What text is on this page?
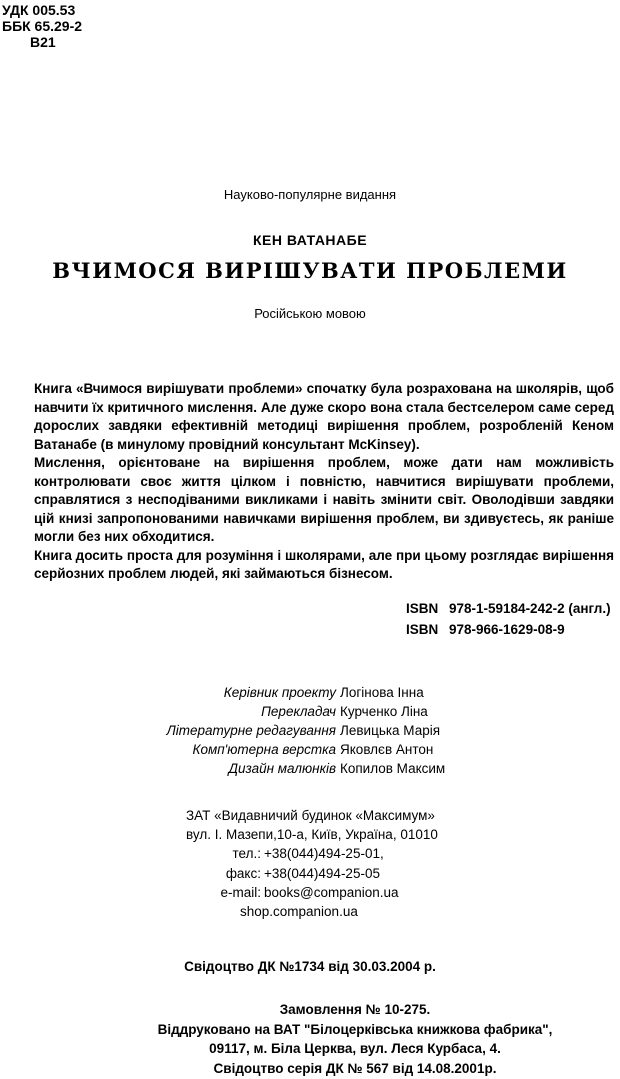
УДК 005.53
ББК 65.29-2
В21
Науково-популярне видання
КЕН ВАТАНАБЕ
ВЧИМОСЯ ВИРІШУВАТИ ПРОБЛЕМИ
Російською мовою

Книга «Вчимося вирішувати проблеми» спочатку була розрахована на школярів, щоб навчити їх критичного мислення. Але дуже скоро вона стала бестселером саме серед дорослих завдяки ефективній методиці вирішення проблем, розробленій Кеном Ватанабе (в минулому провідний консультант McKinsey).

Мислення, орієнтоване на вирішення проблем, може дати нам можливість контролювати своє життя цілком і повністю, навчитися вирішувати проблеми, справлятися з несподіваними викликами і навіть змінити світ. Оволодівши завдяки цій книзі запропонованими навичками вирішення проблем, ви здивуєтесь, як раніше могли без них обходитися.

Книга досить проста для розуміння і школярами, але при цьому розглядає вирішення серйозних проблем людей, які займаються бізнесом.

ISBN 978-1-59184-242-2 (англ.)
ISBN 978-966-1629-08-9
Керівник проекту Логінова Інна
Перекладач Курченко Ліна
Літературне редагування Левицька Марія
Комп'ютерна верстка Яковлєв Антон
Дизайн малюнків Копилов Максим
ЗАТ «Видавничий будинок «Максимум»
вул. І. Мазепи,10-а, Київ, Україна, 01010
тел.: +38(044)494-25-01,
факс: +38(044)494-25-05
e-mail: books@companion.ua
shop.companion.ua
Свідоцтво ДК №1734 від 30.03.2004 р.
Замовлення № 10-275.
Віддруковано на ВАТ "Білоцерківська книжкова фабрика",
09117, м. Біла Церква, вул. Леся Курбаса, 4.
Свідоцтво серія ДК № 567 від 14.08.2001р.
